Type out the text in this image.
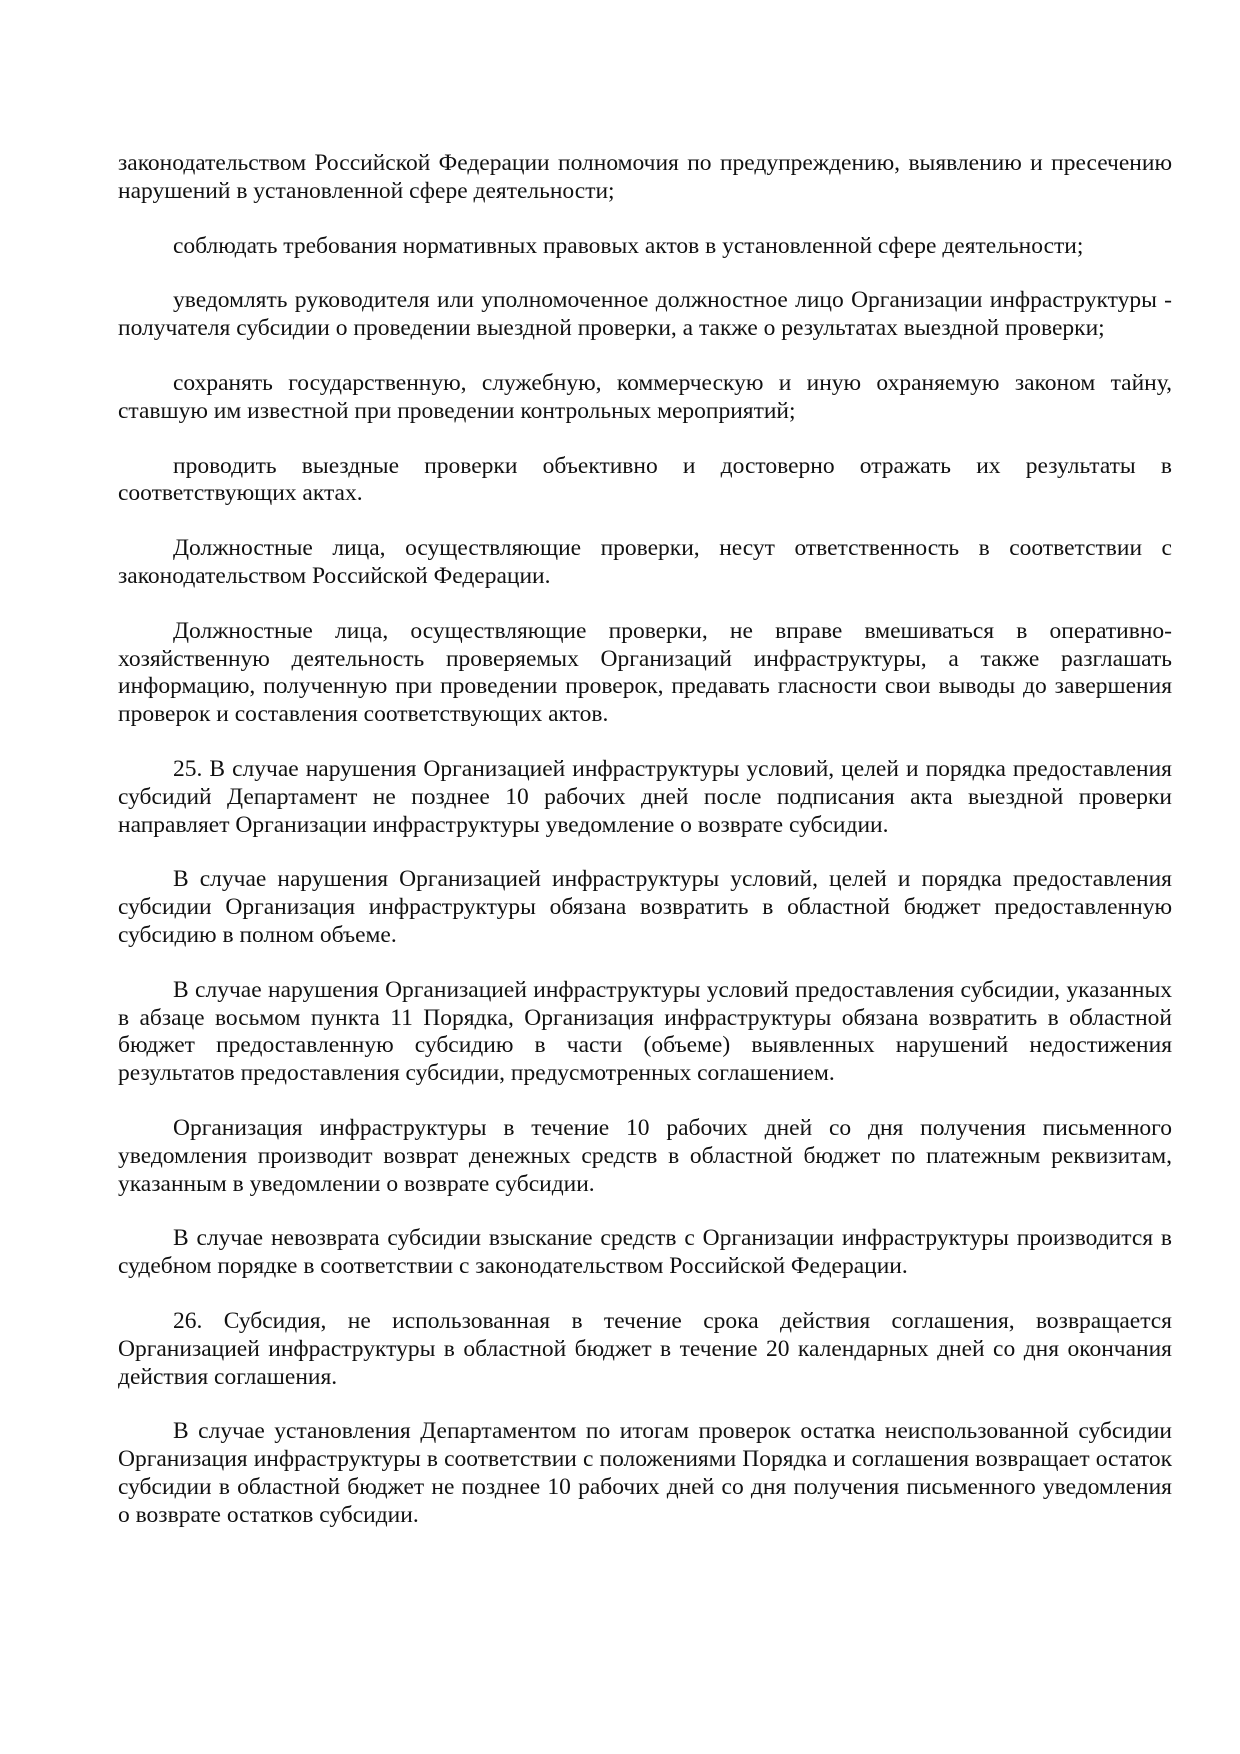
законодательством Российской Федерации полномочия по предупреждению, выявлению и пресечению нарушений в установленной сфере деятельности;

соблюдать требования нормативных правовых актов в установленной сфере деятельности;

уведомлять руководителя или уполномоченное должностное лицо Организации инфраструктуры - получателя субсидии о проведении выездной проверки, а также о результатах выездной проверки;

сохранять государственную, служебную, коммерческую и иную охраняемую законом тайну, ставшую им известной при проведении контрольных мероприятий;

проводить выездные проверки объективно и достоверно отражать их результаты в соответствующих актах.

Должностные лица, осуществляющие проверки, несут ответственность в соответствии с законодательством Российской Федерации.

Должностные лица, осуществляющие проверки, не вправе вмешиваться в оперативно-хозяйственную деятельность проверяемых Организаций инфраструктуры, а также разглашать информацию, полученную при проведении проверок, предавать гласности свои выводы до завершения проверок и составления соответствующих актов.

25. В случае нарушения Организацией инфраструктуры условий, целей и порядка предоставления субсидий Департамент не позднее 10 рабочих дней после подписания акта выездной проверки направляет Организации инфраструктуры уведомление о возврате субсидии.

В случае нарушения Организацией инфраструктуры условий, целей и порядка предоставления субсидии Организация инфраструктуры обязана возвратить в областной бюджет предоставленную субсидию в полном объеме.

В случае нарушения Организацией инфраструктуры условий предоставления субсидии, указанных в абзаце восьмом пункта 11 Порядка, Организация инфраструктуры обязана возвратить в областной бюджет предоставленную субсидию в части (объеме) выявленных нарушений недостижения результатов предоставления субсидии, предусмотренных соглашением.

Организация инфраструктуры в течение 10 рабочих дней со дня получения письменного уведомления производит возврат денежных средств в областной бюджет по платежным реквизитам, указанным в уведомлении о возврате субсидии.

В случае невозврата субсидии взыскание средств с Организации инфраструктуры производится в судебном порядке в соответствии с законодательством Российской Федерации.

26. Субсидия, не использованная в течение срока действия соглашения, возвращается Организацией инфраструктуры в областной бюджет в течение 20 календарных дней со дня окончания действия соглашения.

В случае установления Департаментом по итогам проверок остатка неиспользованной субсидии Организация инфраструктуры в соответствии с положениями Порядка и соглашения возвращает остаток субсидии в областной бюджет не позднее 10 рабочих дней со дня получения письменного уведомления о возврате остатков субсидии.
